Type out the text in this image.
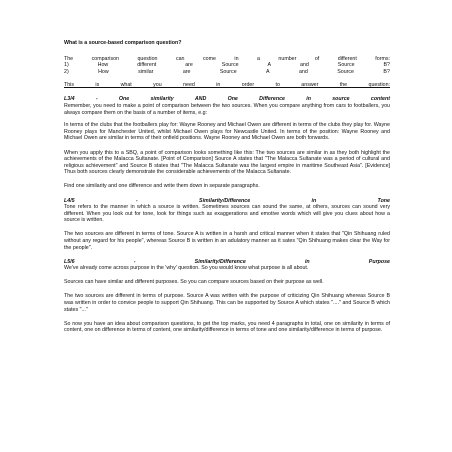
What is a source-based comparison question?

The comparison question can come in a number of different forms:
1)	How	different	are	Source	A	and	Source	B?
2)	How	similar	are	Source	A	and	Source	B?

This is what you need in order to answer the question:

L3/4 - One similarity AND One Difference in source content
Remember, you need to make a point of comparison between the two sources. When you compare anything from cars to footballers, you always compare them on the basis of a number of items, e.g:

In terms of the clubs that the footballers play for: Wayne Rooney and Michael Owen are different in terms of the clubs they play for. Wayne Rooney plays for Manchester United, whilst Michael Owen plays for Newcastle United. In terms of the position: Wayne Rooney and Michael Owen are similar in terms of their onfield positions. Wayne Rooney and Michael Owen are both forwards.

When you apply this to a SBQ, a point of comparison looks something like this: The two sources are similar in as they both highlight the achievements of the Malacca Sultanate. [Point of Comparison] Source A states that "The Malacca Sultanate was a period of cultural and religious achievement" and Source B states that "The Malacca Sultanate was the largest empire in maritime Southeast Asia". [Evidence] Thus both sources clearly demonstrate the considerable achievements of the Malacca Sultanate.

Find one similarity and one difference and write them down in separate paragraphs.

L4/5 - Similarity/Difference in Tone
Tone refers to the manner in which a source is written. Sometimes sources can sound the same, at others, sources can sound very different. When you look out for tone, look for things such as exaggerations and emotive words which will give you clues about how a source is written.

The two sources are different in terms of tone. Source A is written in a harsh and critical manner when it states that "Qin Shihuang ruled without any regard for his people", whereas Source B is written in an adulatory manner as it sates "Qin Shihuang makes clear the Way for the people".

L5/6 - Similarity/Difference in Purpose
We've already come across purpose in the 'why' question. So you would know what purpose is all about.

Sources can have similar and different purposes. So you can compare sources based on their purpose as well.

The two sources are different in terms of purpose. Source A was written with the purpose of criticizing Qin Shihuang whereas Source B was written in order to convice people to support Qin Shihuang. This can be supported by Source A which states "...." and Source B which states "..."

So now you have an idea about comparison questions, to get the top marks, you need 4 paragraphs in total, one on similarity in terms of content, one on difference in terms of content, one similarity/difference in terms of tone and one similarity/difference in terms of purpose.
